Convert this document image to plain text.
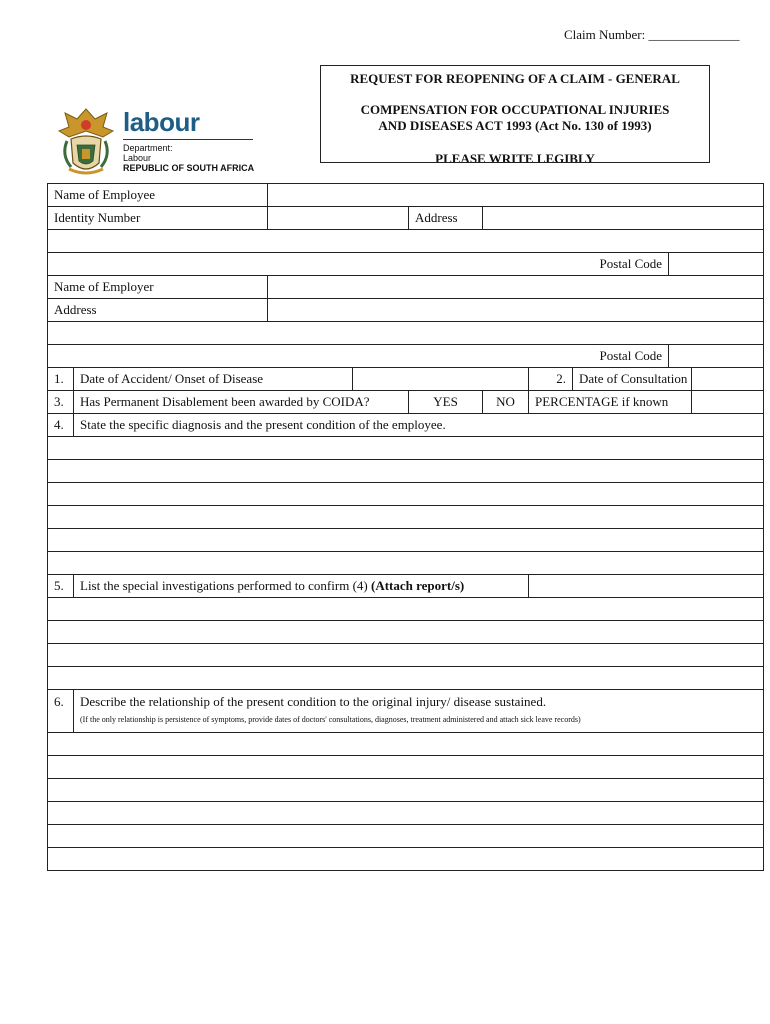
Claim Number: ______________
REQUEST FOR REOPENING OF A CLAIM - GENERAL
COMPENSATION FOR OCCUPATIONAL INJURIES
AND DISEASES ACT 1993 (Act No. 130 of 1993)
PLEASE WRITE LEGIBLY
labour
Department:
Labour
REPUBLIC OF SOUTH AFRICA
Name of Employee									
Identity Number				Address					

Postal Code									
Name of Employer									
Address									

Postal Code									
1.	Date of Accident/ Onset of Disease					2.	Date of Consultation		
3.	Has Permanent Disablement been awarded by COIDA?			YES	NO	PERCENTAGE if known			
4.	State the specific diagnosis and the present condition of the employee.								

5.	List the special investigations performed to confirm (4) (Attach report/s)								

6.	Describe the relationship of the present condition to the original injury/ disease sustained.
(If the only relationship is persistence of symptoms, provide dates of doctors' consultations, diagnoses, treatment administered and attach sick leave records)								
